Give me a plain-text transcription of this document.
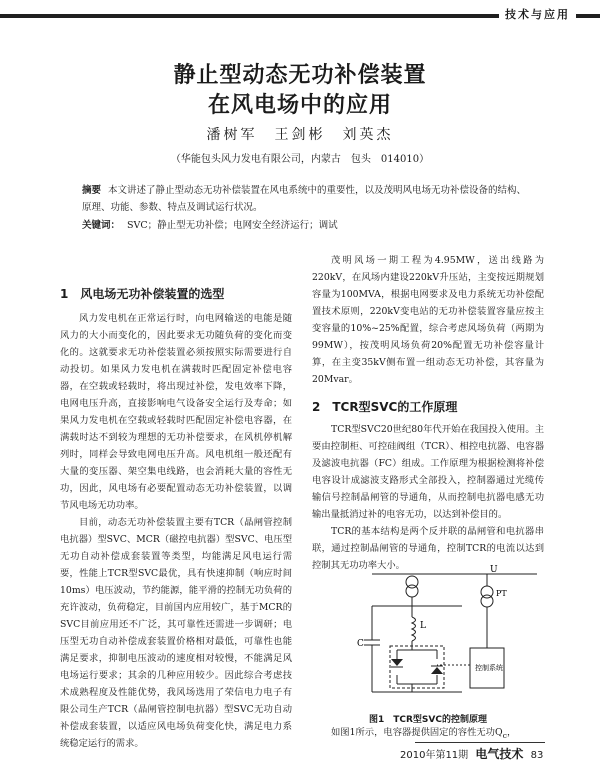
技术与应用
静止型动态无功补偿装置
在风电场中的应用
潘树军　王剑彬　刘英杰
（华能包头风力发电有限公司，内蒙古　包头　014010）
摘要 本文讲述了静止型动态无功补偿装置在风电系统中的重要性，以及茂明风电场无功补偿设备的结构、原理、功能、参数、特点及调试运行状况。
关键词： SVC；静止型无功补偿；电网安全经济运行；调试
1　风电场无功补偿装置的选型

风力发电机在正常运行时，向电网输送的电能是随风力的大小而变化的，因此要求无功随负荷的变化而变化的。这就要求无功补偿装置必须按照实际需要进行自动投切。如果风力发电机在满载时匹配固定补偿电容器，在空载或轻载时，将出现过补偿，发电效率下降，电网电压升高，直接影响电气设备安全运行及寿命；如果风力发电机在空载或轻载时匹配固定补偿电容器，在满载时达不到较为理想的无功补偿要求，在风机停机解列时，同样会导致电网电压升高。风电机组一般还配有大量的变压器、架空集电线路，也会消耗大量的容性无功，因此，风电场有必要配置动态无功补偿装置，以调节风电场无功功率。

目前，动态无功补偿装置主要有TCR（晶闸管控制电抗器）型SVC、MCR（磁控电抗器）型SVC、电压型无功自动补偿成套装置等类型，均能满足风电运行需要，性能上TCR型SVC最优，具有快速抑制（响应时间10ms）电压波动，节约能源，能平滑的控制无功负荷的充许波动，负荷稳定，目前国内应用较广，基于MCR的SVC目前应用还不广泛，其可靠性还需进一步调研；电压型无功自动补偿成套装置价格相对最低，可靠性也能满足要求，抑制电压波动的速度相对较慢，不能满足风电场运行要求；其余的几种应用较少。因此综合考虑技术成熟程度及性能优势，我风场选用了荣信电力电子有限公司生产TCR（晶闸管控制电抗器）型SVC无功自动补偿成套装置，以适应风电场负荷变化快，满足电力系统稳定运行的需求。

茂明风场一期工程为4.95MW，送出线路为220kV，在风场内建设220kV升压站，主变按远期规划容量为100MVA，根据电网要求及电力系统无功补偿配置技术原则，220kV变电站的无功补偿装置容量应按主变容量的10%~25%配置，综合考虑风场负荷（两期为99MW），按茂明风场负荷20%配置无功补偿容量计算，在主变35kV侧布置一组动态无功补偿，其容量为20Mvar。

2　TCR型SVC的工作原理

TCR型SVC20世纪80年代开始在我国投入使用。主要由控制柜、可控硅阀组（TCR）、相控电抗器、电容器及滤波电抗器（FC）组成。工作原理为根据检测将补偿电容设计成滤波支路形式全部投入，控制器通过光缆传输信号控制晶闸管的导通角，从而控制电抗器电感无功输出量抵消过补的电容无功，以达到补偿目的。

TCR的基本结构是两个反并联的晶闸管和电抗器串联，通过控制晶闸管的导通角，控制TCR的电流以达到控制其无功功率大小。	U
PT
L
C
控制系统
图1　TCR型SVC的控制原理

如图1所示，电容器提供固定的容性无功$Q_c$，

2010年第11期 电气技术 83
